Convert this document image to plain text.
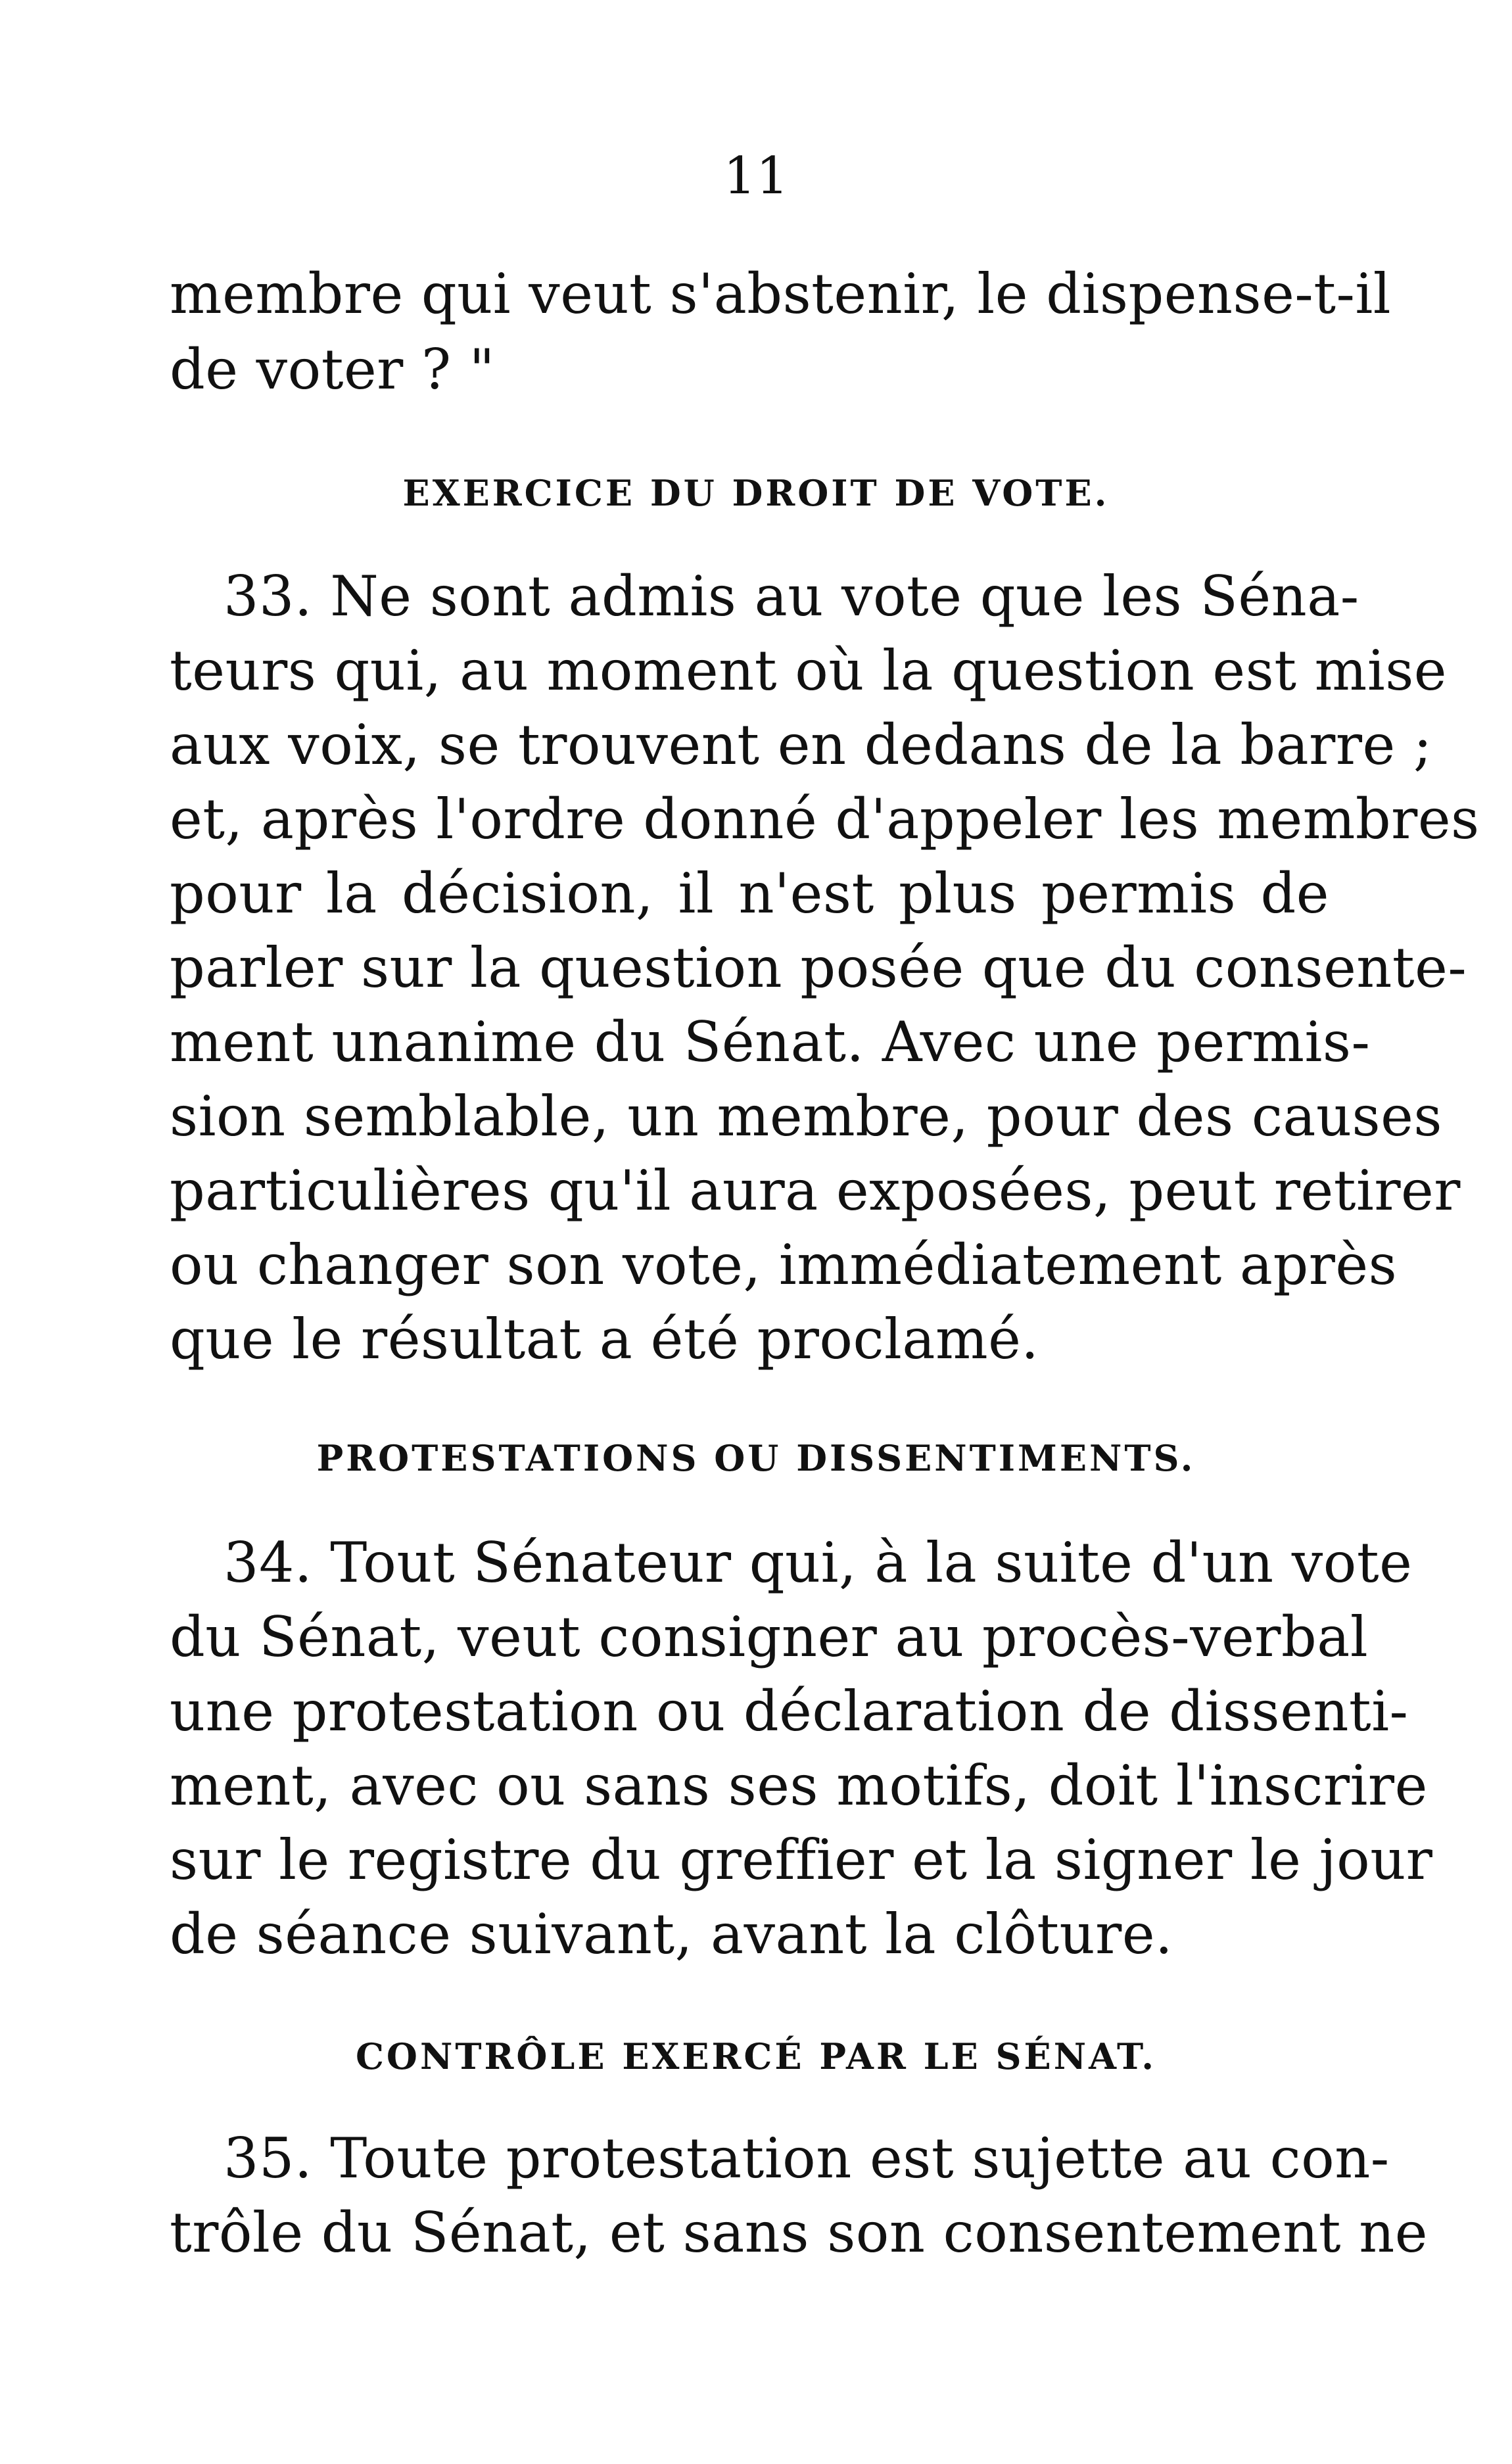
11
membre qui veut s'abstenir, le dispense-t-il
de voter ? "
EXERCICE DU DROIT DE VOTE.
33. Ne sont admis au vote que les Séna-
teurs qui, au moment où la question est mise
aux voix, se trouvent en dedans de la barre ;
et, après l'ordre donné d'appeler les membres
pour la décision, il n'est plus permis de
parler sur la question posée que du consente-
ment unanime du Sénat. Avec une permis-
sion semblable, un membre, pour des causes
particulières qu'il aura exposées, peut retirer
ou changer son vote, immédiatement après
que le résultat a été proclamé.
PROTESTATIONS OU DISSENTIMENTS.
34. Tout Sénateur qui, à la suite d'un vote
du Sénat, veut consigner au procès-verbal
une protestation ou déclaration de dissenti-
ment, avec ou sans ses motifs, doit l'inscrire
sur le registre du greffier et la signer le jour
de séance suivant, avant la clôture.
CONTRÔLE EXERCÉ PAR LE SÉNAT.
35. Toute protestation est sujette au con-
trôle du Sénat, et sans son consentement ne
